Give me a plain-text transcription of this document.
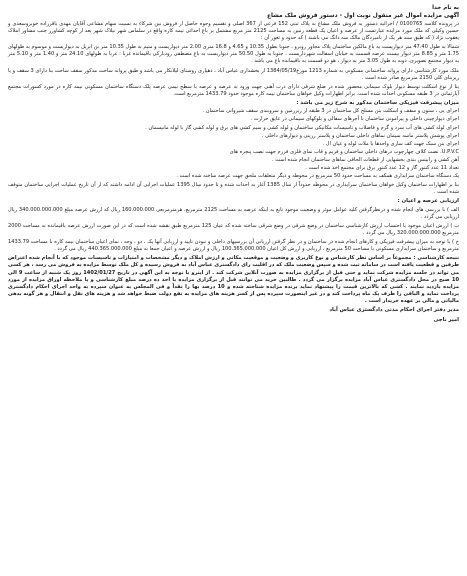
به نام خدا

آگهی مزایده اموال غیر منقول نوبت اول - دستور فروش ملک مشاع

در پرونده کلاسه 0100765 / اجرائیه دستور به فروش ملک مشاع به پلاک ثبتی 152 فرعی از 367 اصلی و تقسیم وجوه حاصل از فروش بین شرکاء به نسبت سهام مشاعی آقایان مهدی باقرزاده خوبروسعدی و حسین وکیلی که ملک مورد مزایده عبارتست از عرصه و اعیان یک قطعه زمین به مساحت 2125 متر مربع مشتمل بر باغ احداثی نیمه کاره واقع در سلماس شهر نیلاک شهر بعد از کوچه کشاورز جنب مشاور املاک یعقوب نژاد ( که طبق سند هر یک از نامبردگان مالک سه دانگ می باشند ) که حدود و ثغور آن :

شمالا به طول 47.40 متر دیواریست به باغ مالکین ساختمان پلاک مجاور روبرو ، جنوبا بطول 10.35 و 4.65 و 16.8 متری 2.00 متر دیواریست و متیم به طول 10.35 متر بن ابریل به دیواریست و موسوم به طولهای 1.75 متر و 8.85 متر دیوار بیست عرصه قسمت به خیابان اسفالت شهرداریست ، جنوبا به طول 50.50 متر دیواریست به باغ مصطفی رودبارکی باقیمانده غربا : غربا به طولهای 24.10 متر و 1.40 متر و 5.10 متر به دیوار مجتمع تصویری، دوبه به طول 3.05 متر به دیوار ، هو دو قسمت به باقیمانده باغ می باشد .

ملک مورد کارشناسی دارای پروانه ساختمانی مسکونی به شماره 1213 مورخ1384/05/19 از بخشداری عباس آباد ، دهیاری روستای لیلانکار می باشد و طبق پروانه ساخت مذکور سقف ساخت بنا دارای 3 سقف و با زیربنای کلی 2150 مترمربع صادر شده است .

بنا از نوع اسکلت توسط دیوار بلوک سیمانی محصور شده در ضلع شرقی دارای درب آهنی جهت ورود به عرصه و عرصه با سطح نیمی عرصه پلک دستگاه ساختمان مسکونی نیمه کاره در مورد کسورات مجتمع آپارتمانی در 3 طبقه مسکونی احداث شده است. برابر اظهارات وکیل خواهان ساختمان نیمه کاره موجود حدود 1433.79 مترمربع است.

میزان پیشرفت فیزیکی ساختمان مذکور به شرح زیر می باشد :

اجرای پی ، ستون و سقف و اسکلت بتن مسلح کل ساختمان در 3 طبقه از زیرزمین و سروبندی سقف شیروانی ساختمان .

اجرای دیوارچینی داخلی و پیرامونی ساختمان با آجرهای سفالی و بلوکهای سیمانی در عایق حرارت .

اجرای لوله کشی های آب سرد و گرم و فاضلاب و تاسیسات مکانیکی ساختمان و لوله کشی و سیم کشی های برق و لوله کشی گاز با لوله مانیسمان .

اجرای پوشش پلاستر ماسه سیمان نماهای داخلی ساختمان و پلاستر رزینی و دیوارهای داخلی .

اجرای بتن سبک جهت کف سازی واحدها با ملات لوله و عیان ال .

U.P.V.C. نصب کلاف چهارچوب درهای داخلی ساختمان و فریم و قاب نمای فلزی فرزم جهت نصب پنجره های

آهن کشی و رابیتس بندی بخشهایی از قطعات الحاقی نماهای ساختمان انجام شده است .

تعداد 11 عدد کنتور گاز و 12 عدد کنتور برق برای مجتمع اخذ شده است .

یک دستگاه ساختمان سرایداری همکف به مساحت حدود 50 مترمربع در محوطه و دیگر متعلقات ملحق جهت عرصه ساخته شده است .

بنا بر اظهارات ساختمان وکیل خواهان ساختمان سرایداری در محوطه حدوداً از سال 1385 آغاز به احداث شده و تا حدود سال 1395 عملیات اجرایی آن ادامه داشته که از آن تاریخ عملیات اجرایی ساختمان متوقف شده است .

ارزیابی عرصه و اعیان :

الف ) با بررسی های انجام شده و درنظرگرفتن کلیه عوامل موثر و وضعیت موجود تابع به اینکه عرصه به مساحت 2125 مترمربع، هرمترمربعی 160.000.000 ریال که ارزش عرصه مبلغ 340.000.000.000 ریال ارزیابی می گردد .

ب ) ارزش اعیان موجود با احتساب ارزش کارشناسی ساختمان در وضع شرقی در وضع شرقی ساخته شده که عیان 125 مترمربع طبق نقشه شده است که در این صورت ارزش عرصه باقیمانده به مساحت 2000 مترمربع 320.000.000.000 ریال می گردد .

ج ) با توجه به میزان پیشرفت فیزیکی و کارهای انجام شده در ساختمان و در نظر گرفتن ارزیابی آن بررسیهای داخلی و نبودن تایید و ارزیابی آنها یک ، دو ، وجه ، نمای اعیان ساختمان نیمه کاره با مساحت 1433.79 مترمربع و ساختمان سرایداری مسکونی با مساحت 50 مترمربع ، ارزیابی و ارزش کل اعیان 100.365.000.000 ریال و ارزش عرصه و اعیان جمعا به مبلغ 440.365.000.000 ریال می گردد .

نتیجه کارشناسی : مجموعاً بر اساس نظر کارشناس و نوع کاربری و وضعیت و موقعیت مکانی و ارزش املاک و دیگر مشخصات و امتیازات و تاسیسات موجود که با آنجام شده اعتراض طرفین و قطعیت یافته است در سامانه ثبت شده و سپس وضعیت ملک که در اقلیت رای دادگستری عباس آباد به فروش رسیده و کل ملک توسط مزایده به فروش می رسد ، هر کسی می تواند در جلسه مزایده شرکت نماید و حتی قبل از برگزاری مزایده به صورت آنلاین شرکت کند . از اینرو با توجه به این آگهی در تاریخ 1402/01/27 روز یک شنبه از ساعت 9 الی 10 صبح در محل دادگستری عباس آباد مزایده برگزار می گردد . طالبین خرید می توانند قبل از برگزاری مزایده با اخذ ده درصد مبلغ کارشناسی و با ملاحظه اوراق مزایده از مورد مزایده بازدید نمایند . کسی که بالاترین قیمت را پیشنهاد نماید برنده مزایده شناخته شده و 10 درصد بها را نقداً و فی المجلس به عنوان سپرده به واحد اجرای احکام دادگستری پرداخت نماید و الباقی را ظرف یک ماه پرداخت کند و در غیر اینصورت سپرده پس از کسر هزینه های مزایده به نفع دولت ضبط خواهد شد و هزینه های نقل و انتقال و هر گونه بدهی مالیاتی و مالی بر عهده خریدار است .

مدیر دفتر اجرای احکام مدنی دادگستری عباس آباد

امیر ناجی
